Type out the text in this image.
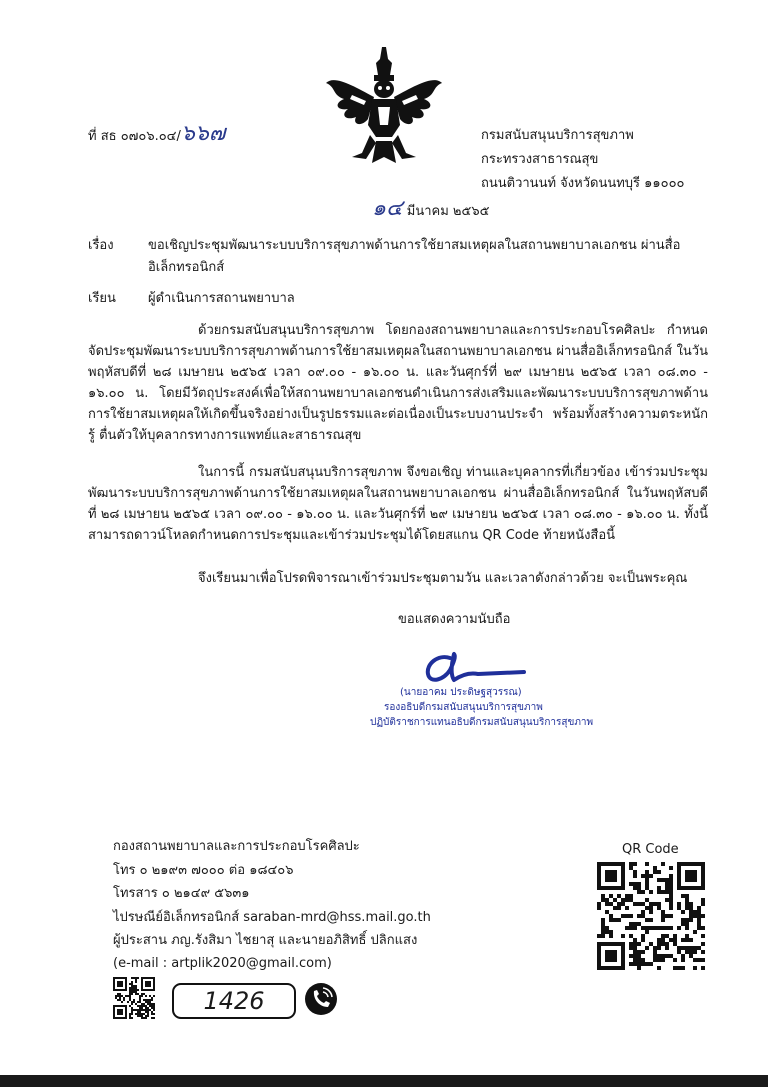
ที่ สธ ๐๗๐๖.๐๔/๖๖๗	กรมสนับสนุนบริการสุขภาพ
กระทรวงสาธารณสุข
ถนนติวานนท์ จังหวัดนนทบุรี ๑๑๐๐๐
๑๔ มีนาคม ๒๕๖๕
เรื่อง	ขอเชิญประชุมพัฒนาระบบบริการสุขภาพด้านการใช้ยาสมเหตุผลในสถานพยาบาลเอกชน ผ่านสื่อ
อิเล็กทรอนิกส์
เรียน ผู้ดำเนินการสถานพยาบาล
ด้วยกรมสนับสนุนบริการสุขภาพ โดยกองสถานพยาบาลและการประกอบโรคศิลปะ กำหนดจัดประชุมพัฒนาระบบบริการสุขภาพด้านการใช้ยาสมเหตุผลในสถานพยาบาลเอกชน ผ่านสื่ออิเล็กทรอนิกส์ ในวันพฤหัสบดีที่ ๒๘ เมษายน ๒๕๖๕ เวลา ๐๙.๐๐ - ๑๖.๐๐ น. และวันศุกร์ที่ ๒๙ เมษายน ๒๕๖๕ เวลา ๐๘.๓๐ - ๑๖.๐๐ น. โดยมีวัตถุประสงค์เพื่อให้สถานพยาบาลเอกชนดำเนินการส่งเสริมและพัฒนาระบบบริการสุขภาพด้านการใช้ยาสมเหตุผลให้เกิดขึ้นจริงอย่างเป็นรูปธรรมและต่อเนื่องเป็นระบบงานประจำ พร้อมทั้งสร้างความตระหนักรู้ ตื่นตัวให้บุคลากรทางการแพทย์และสาธารณสุข
ในการนี้ กรมสนับสนุนบริการสุขภาพ จึงขอเชิญ ท่านและบุคลากรที่เกี่ยวข้อง เข้าร่วมประชุมพัฒนาระบบบริการสุขภาพด้านการใช้ยาสมเหตุผลในสถานพยาบาลเอกชน ผ่านสื่ออิเล็กทรอนิกส์ ในวันพฤหัสบดีที่ ๒๘ เมษายน ๒๕๖๕ เวลา ๐๙.๐๐ - ๑๖.๐๐ น. และวันศุกร์ที่ ๒๙ เมษายน ๒๕๖๕ เวลา ๐๘.๓๐ - ๑๖.๐๐ น. ทั้งนี้ สามารถดาวน์โหลดกำหนดการประชุมและเข้าร่วมประชุมได้โดยสแกน QR Code ท้ายหนังสือนี้
จึงเรียนมาเพื่อโปรดพิจารณาเข้าร่วมประชุมตามวัน และเวลาดังกล่าวด้วย จะเป็นพระคุณ
ขอแสดงความนับถือ
(นายอาคม ประดิษฐสุวรรณ)
รองอธิบดีกรมสนับสนุนบริการสุขภาพ
ปฏิบัติราชการแทนอธิบดีกรมสนับสนุนบริการสุขภาพ
กองสถานพยาบาลและการประกอบโรคศิลปะ
โทร ๐ ๒๑๙๓ ๗๐๐๐ ต่อ ๑๘๔๐๖
โทรสาร ๐ ๒๑๔๙ ๕๖๓๑
ไปรษณีย์อิเล็กทรอนิกส์ saraban-mrd@hss.mail.go.th
ผู้ประสาน ภญ.รังสิมา ไชยาสุ และนายอภิสิทธิ์ ปลิกแสง
(e-mail : artplik2020@gmail.com)
QR Code
1426
